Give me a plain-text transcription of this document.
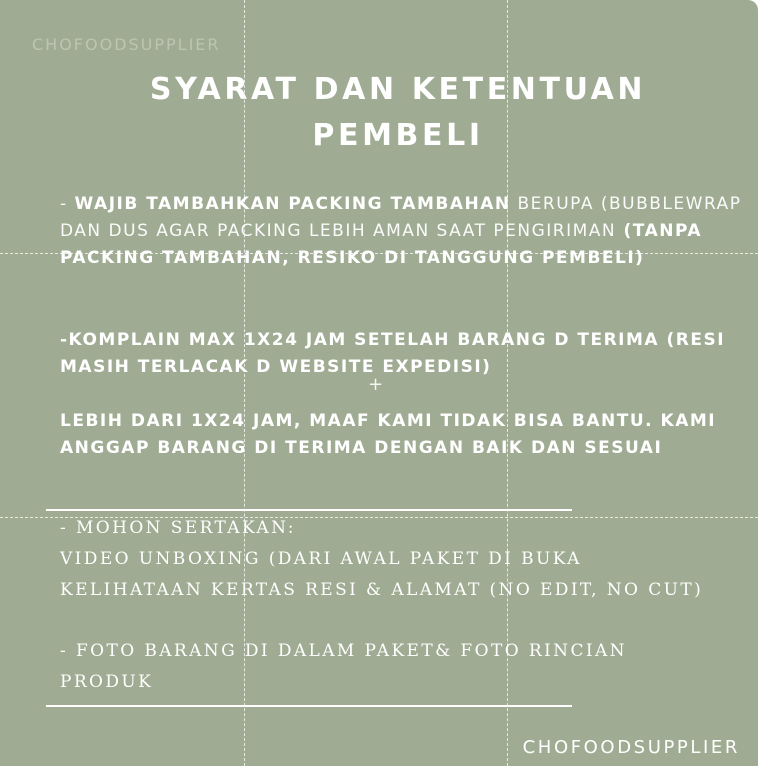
CHOFOODSUPPLIER
SYARAT DAN KETENTUAN
PEMBELI
- WAJIB TAMBAHKAN PACKING TAMBAHAN BERUPA (BUBBLEWRAP DAN DUS AGAR PACKING LEBIH AMAN SAAT PENGIRIMAN (TANPA PACKING TAMBAHAN, RESIKO DI TANGGUNG PEMBELI)
-KOMPLAIN MAX 1X24 JAM SETELAH BARANG D TERIMA (RESI MASIH TERLACAK D WEBSITE EXPEDISI)
+
LEBIH DARI 1X24 JAM, MAAF KAMI TIDAK BISA BANTU. KAMI ANGGAP BARANG DI TERIMA DENGAN BAIK DAN SESUAI
- MOHON SERTAKAN:
VIDEO UNBOXING (DARI AWAL PAKET DI BUKA
KELIHATAAN KERTAS RESI & ALAMAT (NO EDIT, NO CUT)
- FOTO BARANG DI DALAM PAKET& FOTO RINCIAN PRODUK
CHOFOODSUPPLIER
